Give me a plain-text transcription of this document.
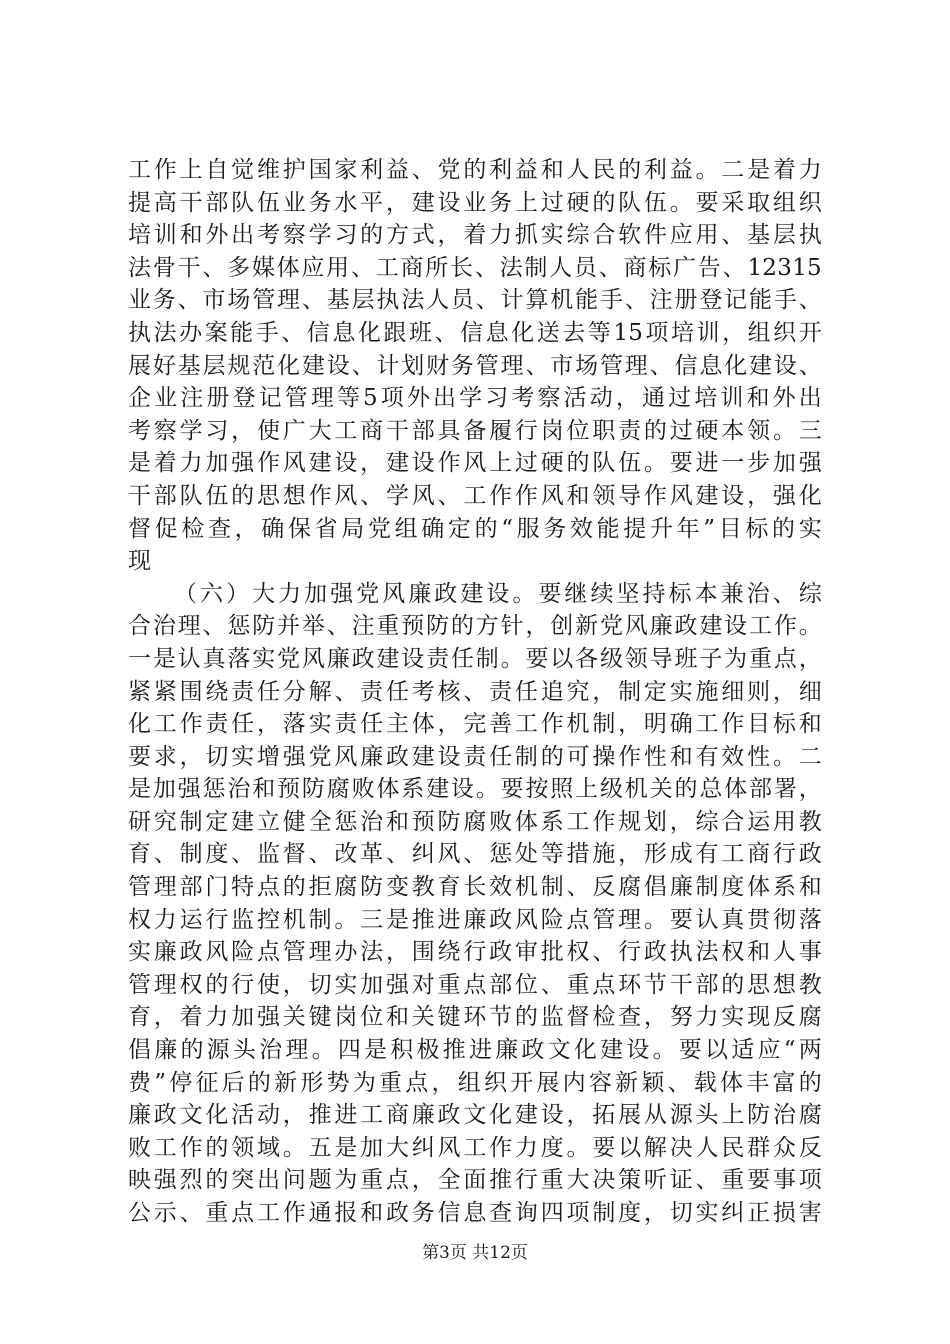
工作上自觉维护国家利益、党的利益和人民的利益。二是着力
提高干部队伍业务水平，建设业务上过硬的队伍。要采取组织
培训和外出考察学习的方式，着力抓实综合软件应用、基层执
法骨干、多媒体应用、工商所长、法制人员、商标广告、12315
业务、市场管理、基层执法人员、计算机能手、注册登记能手、
执法办案能手、信息化跟班、信息化送去等15项培训，组织开
展好基层规范化建设、计划财务管理、市场管理、信息化建设、
企业注册登记管理等5项外出学习考察活动，通过培训和外出
考察学习，使广大工商干部具备履行岗位职责的过硬本领。三
是着力加强作风建设，建设作风上过硬的队伍。要进一步加强
干部队伍的思想作风、学风、工作作风和领导作风建设，强化
督促检查，确保省局党组确定的“服务效能提升年”目标的实
现
（六）大力加强党风廉政建设。要继续坚持标本兼治、综
合治理、惩防并举、注重预防的方针，创新党风廉政建设工作。
一是认真落实党风廉政建设责任制。要以各级领导班子为重点，
紧紧围绕责任分解、责任考核、责任追究，制定实施细则，细
化工作责任，落实责任主体，完善工作机制，明确工作目标和
要求，切实增强党风廉政建设责任制的可操作性和有效性。二
是加强惩治和预防腐败体系建设。要按照上级机关的总体部署，
研究制定建立健全惩治和预防腐败体系工作规划，综合运用教
育、制度、监督、改革、纠风、惩处等措施，形成有工商行政
管理部门特点的拒腐防变教育长效机制、反腐倡廉制度体系和
权力运行监控机制。三是推进廉政风险点管理。要认真贯彻落
实廉政风险点管理办法，围绕行政审批权、行政执法权和人事
管理权的行使，切实加强对重点部位、重点环节干部的思想教
育，着力加强关键岗位和关键环节的监督检查，努力实现反腐
倡廉的源头治理。四是积极推进廉政文化建设。要以适应“两
费”停征后的新形势为重点，组织开展内容新颖、载体丰富的
廉政文化活动，推进工商廉政文化建设，拓展从源头上防治腐
败工作的领域。五是加大纠风工作力度。要以解决人民群众反
映强烈的突出问题为重点，全面推行重大决策听证、重要事项
公示、重点工作通报和政务信息查询四项制度，切实纠正损害
第3页 共12页
